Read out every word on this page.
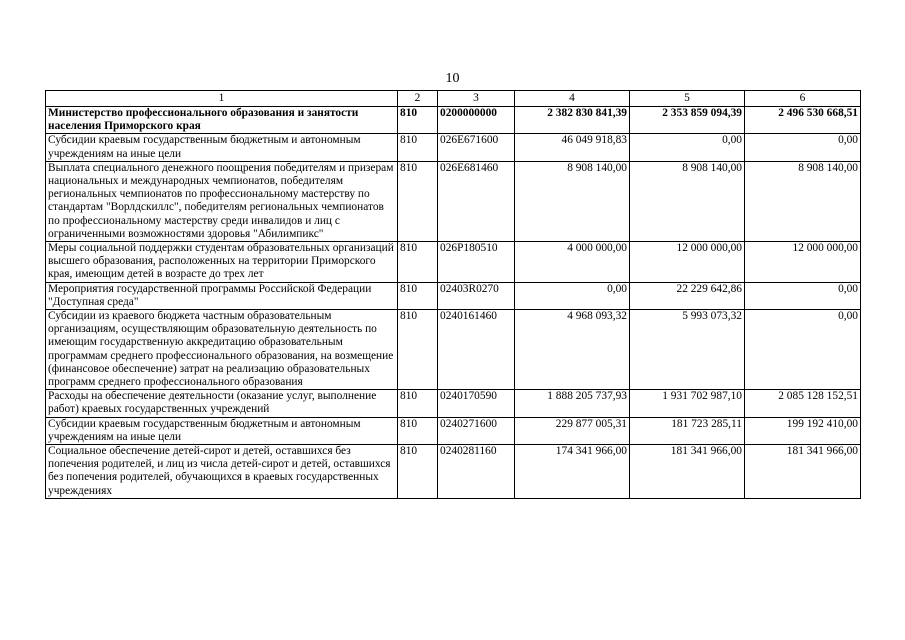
10
1	2	3	4	5	6
Министерство профессионального образования и занятости населения Приморского края	810	0200000000	2 382 830 841,39	2 353 859 094,39	2 496 530 668,51
Субсидии краевым государственным бюджетным и автономным учреждениям на иные цели	810	026E671600	46 049 918,83	0,00	0,00
Выплата специального денежного поощрения победителям и призерам национальных и международных чемпионатов, победителям региональных чемпионатов по профессиональному мастерству по стандартам "Ворлдскиллс", победителям региональных чемпионатов по профессиональному мастерству среди инвалидов и лиц с ограниченными возможностями здоровья "Абилимпикс"	810	026E681460	8 908 140,00	8 908 140,00	8 908 140,00
Меры социальной поддержки студентам образовательных организаций высшего образования, расположенных на территории Приморского края, имеющим детей в возрасте до трех лет	810	026P180510	4 000 000,00	12 000 000,00	12 000 000,00
Мероприятия государственной программы Российской Федерации "Доступная среда"	810	02403R0270	0,00	22 229 642,86	0,00
Субсидии из краевого бюджета частным образовательным организациям, осуществляющим образовательную деятельность по имеющим государственную аккредитацию образовательным программам среднего профессионального образования, на возмещение (финансовое обеспечение) затрат на реализацию образовательных программ среднего профессионального образования	810	0240161460	4 968 093,32	5 993 073,32	0,00
Расходы на обеспечение деятельности (оказание услуг, выполнение работ) краевых государственных учреждений	810	0240170590	1 888 205 737,93	1 931 702 987,10	2 085 128 152,51
Субсидии краевым государственным бюджетным и автономным учреждениям на иные цели	810	0240271600	229 877 005,31	181 723 285,11	199 192 410,00
Социальное обеспечение детей-сирот и детей, оставшихся без попечения родителей, и лиц из числа детей-сирот и детей, оставшихся без попечения родителей, обучающихся в краевых государственных учреждениях	810	0240281160	174 341 966,00	181 341 966,00	181 341 966,00
